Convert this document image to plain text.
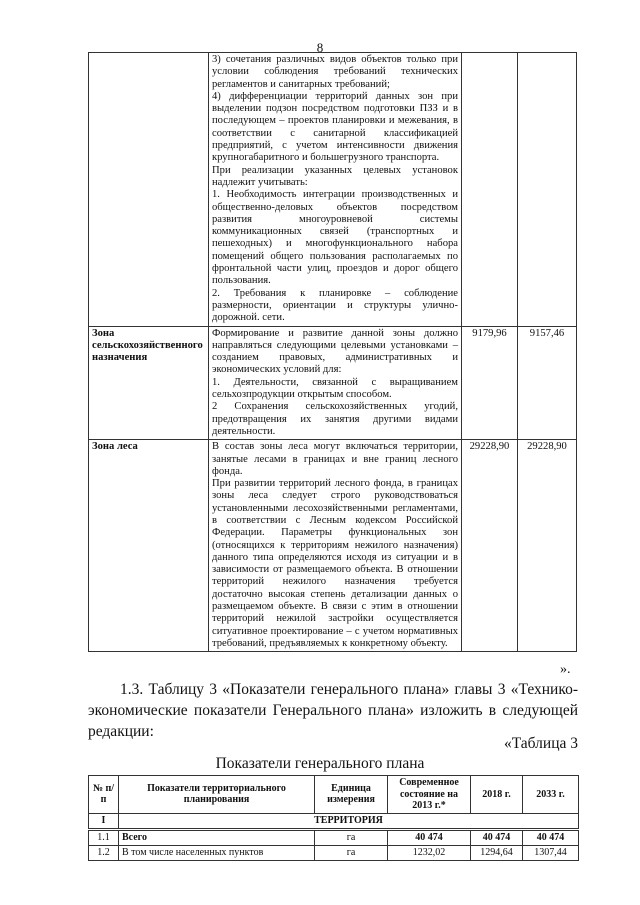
8

	3) сочетания различных видов объектов только при условии соблюдения требований технических регламентов и санитарных требований;

4) дифференциации территорий данных зон при выделении подзон посредством подготовки ПЗЗ и в последующем – проектов планировки и межевания, в соответствии с санитарной классификацией предприятий, с учетом интенсивности движения крупногабаритного и большегрузного транспорта.

При реализации указанных целевых установок надлежит учитывать:

1. Необходимость интеграции производственных и общественно-деловых объектов посредством развития многоуровневой системы коммуникационных связей (транспортных и пешеходных) и многофункционального набора помещений общего пользования располагаемых по фронтальной части улиц, проездов и дорог общего пользования.

2. Требования к планировке – соблюдение размерности, ориентации и структуры улично-дорожной. сети.		

Зона сельскохозяйственного назначения	Формирование и развитие данной зоны должно направляться следующими целевыми установками – созданием правовых, административных и экономических условий для:

1. Деятельности, связанной с выращиванием сельхозпродукции открытым способом.

2 Сохранения сельскохозяйственных угодий, предотвращения их занятия другими видами деятельности.	9179,96	9157,46
Зона леса	В состав зоны леса могут включаться территории, занятые лесами в границах и вне границ лесного фонда.

При развитии территорий лесного фонда, в границах зоны леса следует строго руководствоваться установленными лесохозяйственными регламентами, в соответствии с Лесным кодексом Российской Федерации. Параметры функциональных зон (относящихся к территориям нежилого назначения) данного типа определяются исходя из ситуации и в зависимости от размещаемого объекта. В отношении территорий нежилого назначения требуется достаточно высокая степень детализации данных о размещаемом объекте. В связи с этим в отношении территорий нежилой застройки осуществляется ситуативное проектирование – с учетом нормативных требований, предъявляемых к конкретному объекту.	29228,90	29228,90
».

1.3. Таблицу 3 «Показатели генерального плана» главы 3 «Технико-экономические показатели Генерального плана» изложить в следующей редакции:

«Таблица 3
Показатели генерального плана
№ п/п	Показатели территориального планирования	Единица измерения	Современное состояние на 2013 г.*	2018 г.	2033 г.
I	ТЕРРИТОРИЯ				
1.1	Всего	га	40 474	40 474	40 474
1.2	В том числе населенных пунктов	га	1232,02	1294,64	1307,44
